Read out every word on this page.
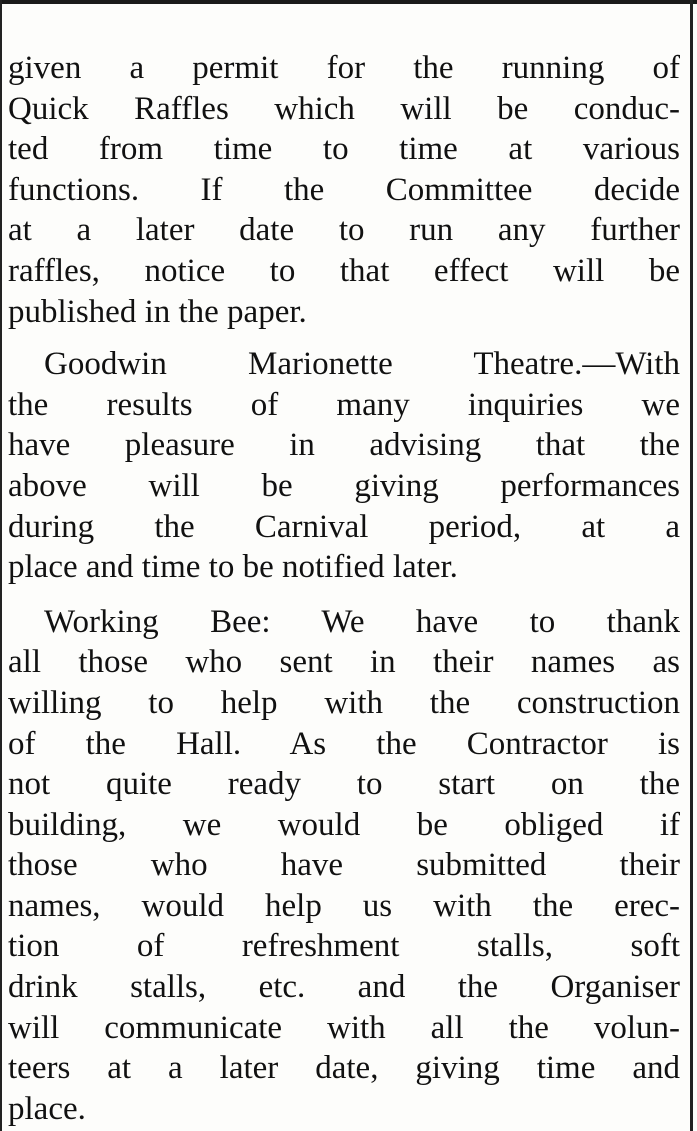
given a permit for the running of
Quick Raffles which will be conduc-
ted from time to time at various
functions. If the Committee decide
at a later date to run any further
raffles, notice to that effect will be
published in the paper.
Goodwin Marionette Theatre.—With
the results of many inquiries we
have pleasure in advising that the
above will be giving performances
during the Carnival period, at a
place and time to be notified later.
Working Bee: We have to thank
all those who sent in their names as
willing to help with the construction
of the Hall. As the Contractor is
not quite ready to start on the
building, we would be obliged if
those who have submitted their
names, would help us with the erec-
tion of refreshment stalls, soft
drink stalls, etc. and the Organiser
will communicate with all the volun-
teers at a later date, giving time and
place.
